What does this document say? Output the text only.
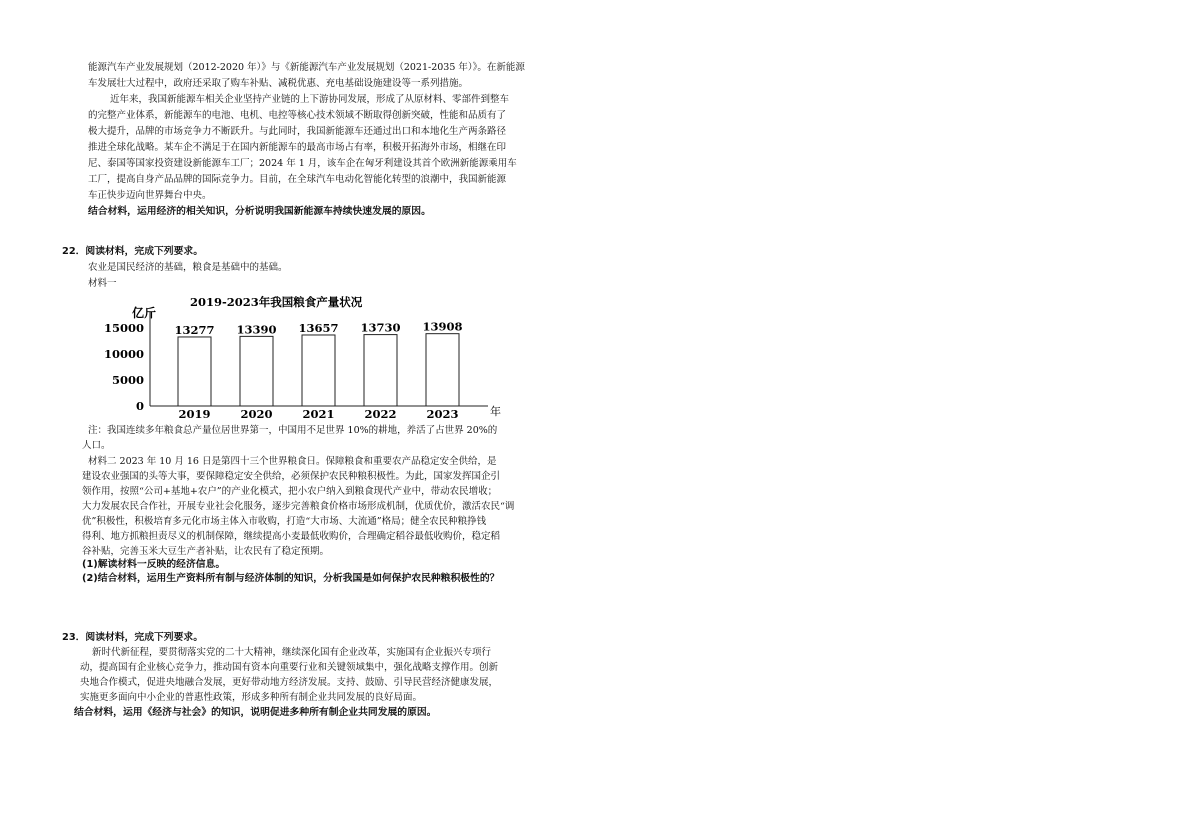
能源汽车产业发展规划（2012-2020 年）》与《新能源汽车产业发展规划（2021-2035 年）》。在新能源
车发展壮大过程中，政府还采取了购车补贴、减税优惠、充电基础设施建设等一系列措施。
近年来，我国新能源车相关企业坚持产业链的上下游协同发展，形成了从原材料、零部件到整车
的完整产业体系，新能源车的电池、电机、电控等核心技术领域不断取得创新突破，性能和品质有了
极大提升，品牌的市场竞争力不断跃升。与此同时，我国新能源车还通过出口和本地化生产两条路径
推进全球化战略。某车企不满足于在国内新能源车的最高市场占有率，积极开拓海外市场，相继在印
尼、泰国等国家投资建设新能源车工厂；2024 年 1 月，该车企在匈牙利建设其首个欧洲新能源乘用车
工厂，提高自身产品品牌的国际竞争力。目前，在全球汽车电动化智能化转型的浪潮中，我国新能源
车正快步迈向世界舞台中央。
结合材料，运用经济的相关知识，分析说明我国新能源车持续快速发展的原因。
22．阅读材料，完成下列要求。
农业是国民经济的基础，粮食是基础中的基础。
材料一
亿斤
2019-2023年我国粮食产量状况
年
15000
10000
5000
0
13277
2019
13390
2020
13657
2021
13730
2022
13908
2023
注：我国连续多年粮食总产量位居世界第一，中国用不足世界 10%的耕地，养活了占世界 20%的
人口。
材料二 2023 年 10 月 16 日是第四十三个世界粮食日。保障粮食和重要农产品稳定安全供给，是
建设农业强国的头等大事，要保障稳定安全供给，必须保护农民种粮积极性。为此，国家发挥国企引
领作用，按照“公司+基地+农户”的产业化模式，把小农户纳入到粮食现代产业中，带动农民增收；
大力发展农民合作社，开展专业社会化服务，逐步完善粮食价格市场形成机制，优质优价，激活农民“调
优”积极性，积极培育多元化市场主体入市收购，打造“大市场、大流通”格局；健全农民种粮挣钱
得利、地方抓粮担责尽义的机制保障，继续提高小麦最低收购价，合理确定稻谷最低收购价，稳定稻
谷补贴，完善玉米大豆生产者补贴，让农民有了稳定预期。
(1)解读材料一反映的经济信息。
(2)结合材料，运用生产资料所有制与经济体制的知识，分析我国是如何保护农民种粮积极性的？
23．阅读材料，完成下列要求。
新时代新征程，要贯彻落实党的二十大精神，继续深化国有企业改革，实施国有企业振兴专项行
动，提高国有企业核心竞争力，推动国有资本向重要行业和关键领域集中，强化战略支撑作用。创新
央地合作模式，促进央地融合发展，更好带动地方经济发展。支持、鼓励、引导民营经济健康发展，
实施更多面向中小企业的普惠性政策，形成多种所有制企业共同发展的良好局面。
结合材料，运用《经济与社会》的知识，说明促进多种所有制企业共同发展的原因。
